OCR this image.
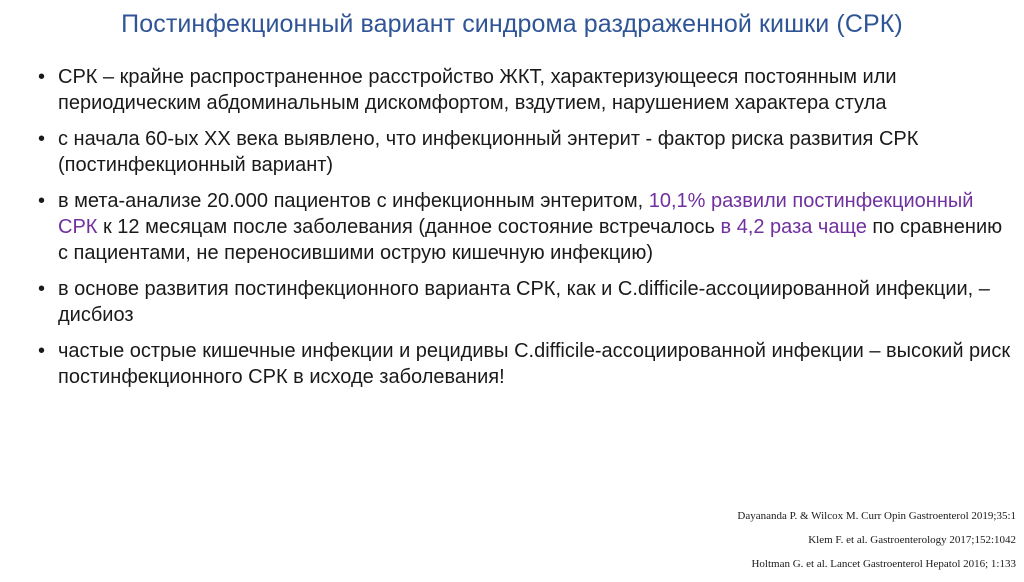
Постинфекционный вариант синдрома раздраженной кишки (СРК)
• СРК – крайне распространенное расстройство ЖКТ, характеризующееся постоянным или периодическим абдоминальным дискомфортом, вздутием, нарушением характера стула
• с начала 60-ых XX века выявлено, что инфекционный энтерит - фактор риска развития СРК (постинфекционный вариант)
• в мета-анализе 20.000 пациентов с инфекционным энтеритом, 10,1% развили постинфекционный СРК к 12 месяцам после заболевания (данное состояние встречалось в 4,2 раза чаще по сравнению с пациентами, не переносившими острую кишечную инфекцию)
• в основе развития постинфекционного варианта СРК, как и C.difficile-ассоциированной инфекции, – дисбиоз
• частые острые кишечные инфекции и рецидивы C.difficile-ассоциированной инфекции – высокий риск постинфекционного СРК в исходе заболевания!
Dayananda P. & Wilcox M. Curr Opin Gastroenterol 2019;35:1
Klem F. et al. Gastroenterology 2017;152:1042
Holtman G. et al. Lancet Gastroenterol Hepatol 2016; 1:133
